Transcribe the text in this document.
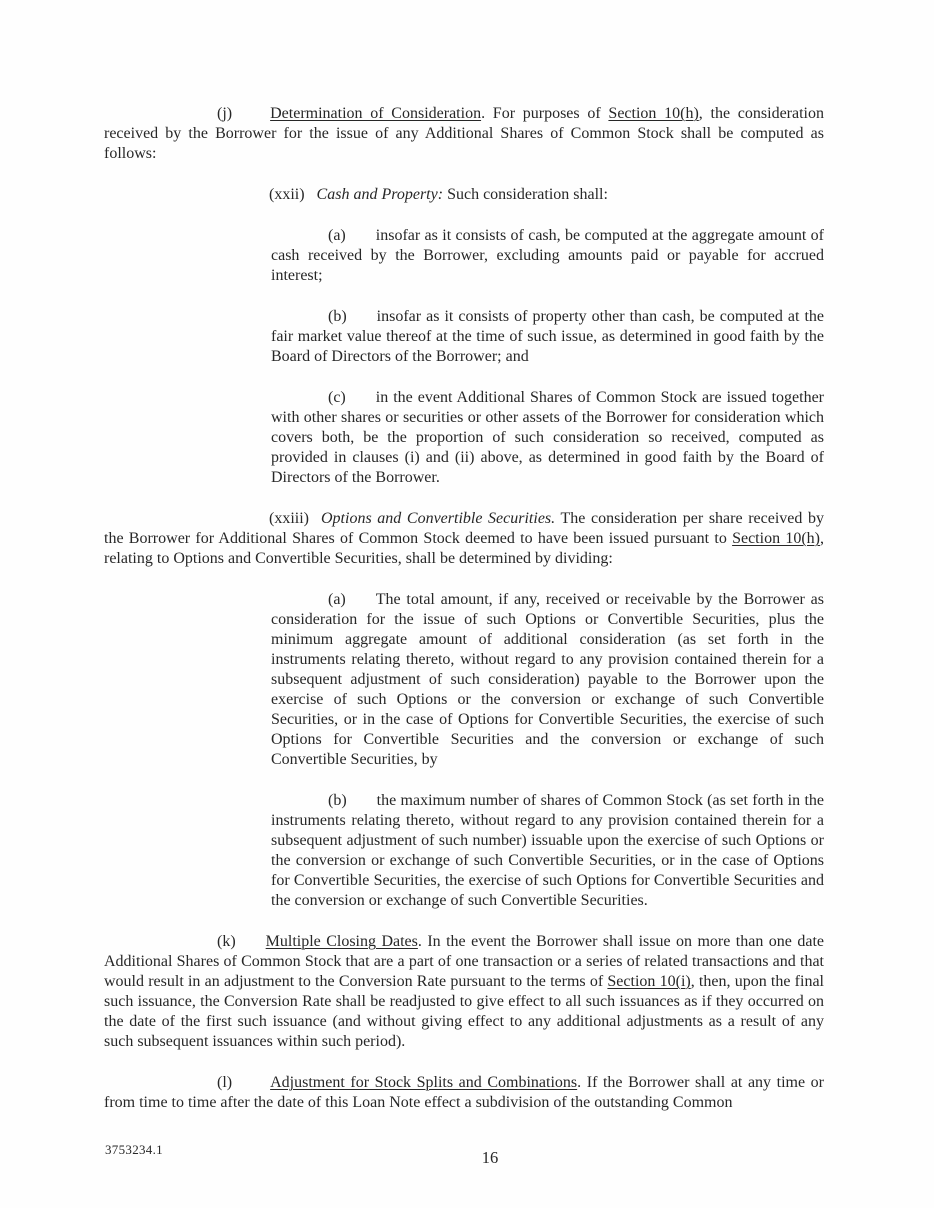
(j) Determination of Consideration. For purposes of Section 10(h), the consideration received by the Borrower for the issue of any Additional Shares of Common Stock shall be computed as follows:

(xxii) Cash and Property: Such consideration shall:

(a) insofar as it consists of cash, be computed at the aggregate amount of cash received by the Borrower, excluding amounts paid or payable for accrued interest;

(b) insofar as it consists of property other than cash, be computed at the fair market value thereof at the time of such issue, as determined in good faith by the Board of Directors of the Borrower; and

(c) in the event Additional Shares of Common Stock are issued together with other shares or securities or other assets of the Borrower for consideration which covers both, be the proportion of such consideration so received, computed as provided in clauses (i) and (ii) above, as determined in good faith by the Board of Directors of the Borrower.

(xxiii) Options and Convertible Securities. The consideration per share received by the Borrower for Additional Shares of Common Stock deemed to have been issued pursuant to Section 10(h), relating to Options and Convertible Securities, shall be determined by dividing:

(a) The total amount, if any, received or receivable by the Borrower as consideration for the issue of such Options or Convertible Securities, plus the minimum aggregate amount of additional consideration (as set forth in the instruments relating thereto, without regard to any provision contained therein for a subsequent adjustment of such consideration) payable to the Borrower upon the exercise of such Options or the conversion or exchange of such Convertible Securities, or in the case of Options for Convertible Securities, the exercise of such Options for Convertible Securities and the conversion or exchange of such Convertible Securities, by

(b) the maximum number of shares of Common Stock (as set forth in the instruments relating thereto, without regard to any provision contained therein for a subsequent adjustment of such number) issuable upon the exercise of such Options or the conversion or exchange of such Convertible Securities, or in the case of Options for Convertible Securities, the exercise of such Options for Convertible Securities and the conversion or exchange of such Convertible Securities.

(k) Multiple Closing Dates. In the event the Borrower shall issue on more than one date Additional Shares of Common Stock that are a part of one transaction or a series of related transactions and that would result in an adjustment to the Conversion Rate pursuant to the terms of Section 10(i), then, upon the final such issuance, the Conversion Rate shall be readjusted to give effect to all such issuances as if they occurred on the date of the first such issuance (and without giving effect to any additional adjustments as a result of any such subsequent issuances within such period).

(l) Adjustment for Stock Splits and Combinations. If the Borrower shall at any time or from time to time after the date of this Loan Note effect a subdivision of the outstanding Common

3753234.1	16
